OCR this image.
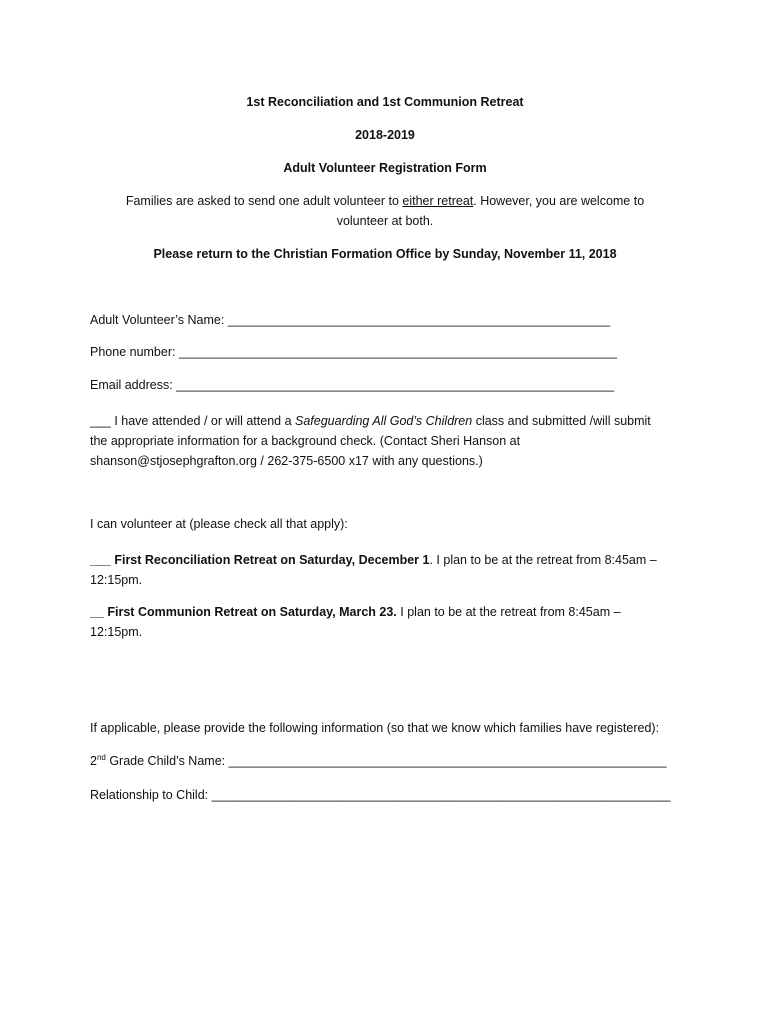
1st Reconciliation and 1st Communion Retreat
2018-2019
Adult Volunteer Registration Form
Families are asked to send one adult volunteer to either retreat. However, you are welcome to
volunteer at both.
Please return to the Christian Formation Office by Sunday, November 11, 2018
Adult Volunteer’s Name: _______________________________________________________
Phone number: _______________________________________________________________
Email address: _______________________________________________________________
___ I have attended / or will attend a Safeguarding All God’s Children class and submitted /will submit
the appropriate information for a background check. (Contact Sheri Hanson at
shanson@stjosephgrafton.org / 262-375-6500 x17 with any questions.)
I can volunteer at (please check all that apply):
___ First Reconciliation Retreat on Saturday, December 1. I plan to be at the retreat from 8:45am –
12:15pm.
__ First Communion Retreat on Saturday, March 23. I plan to be at the retreat from 8:45am –
12:15pm.
If applicable, please provide the following information (so that we know which families have registered):
2nd Grade Child’s Name: _______________________________________________________________
Relationship to Child: __________________________________________________________________
